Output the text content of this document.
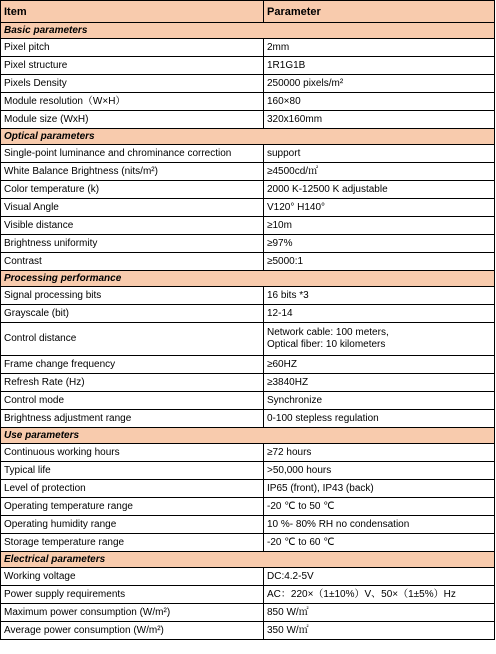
Item	Parameter
Basic parameters	
Pixel pitch	2mm
Pixel structure	1R1G1B
Pixels Density	250000 pixels/m²
Module resolution（W×H）	160×80
Module size (WxH)	320x160mm
Optical parameters	
Single-point luminance and chrominance correction	support
White Balance Brightness (nits/m²)	≥4500cd/㎡
Color temperature (k)	2000 K-12500 K adjustable
Visual Angle	V120° H140°
Visible distance	≥10m
Brightness uniformity	≥97%
Contrast	≥5000:1
Processing performance	
Signal processing bits	16 bits *3
Grayscale (bit)	12-14
Control distance	Network cable: 100 meters,
Optical fiber: 10 kilometers

Frame change frequency	≥60HZ
Refresh Rate (Hz)	≥3840HZ
Control mode	Synchronize
Brightness adjustment range	0-100 stepless regulation
Use parameters	
Continuous working hours	≥72 hours
Typical life	>50,000 hours
Level of protection	IP65 (front), IP43 (back)
Operating temperature range	-20 ℃ to 50 ℃
Operating humidity range	10 %- 80% RH no condensation
Storage temperature range	-20 ℃ to 60 ℃
Electrical parameters	
Working voltage	DC:4.2-5V
Power supply requirements	AC：220×（1±10%）V、50×（1±5%）Hz
Maximum power consumption (W/m²)	850 W/㎡
Average power consumption (W/m²)	350 W/㎡
